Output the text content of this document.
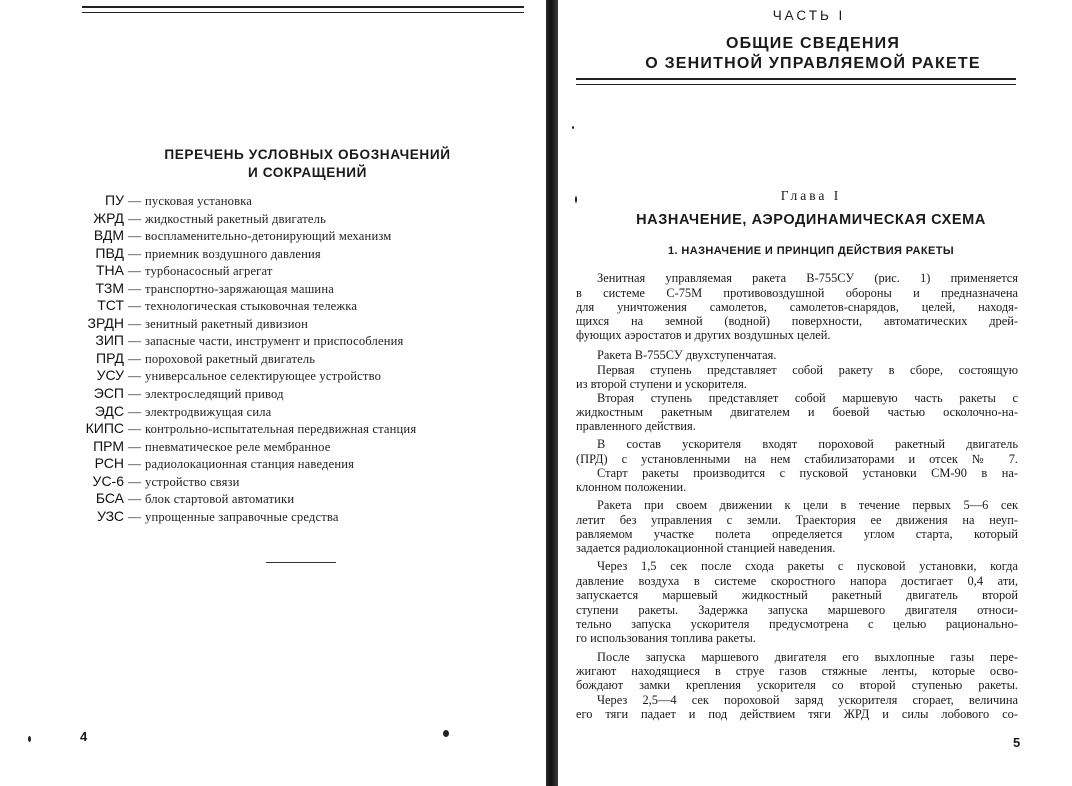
ПЕРЕЧЕНЬ УСЛОВНЫХ ОБОЗНАЧЕНИЙ
И СОКРАЩЕНИЙ
ПУ — пусковая установка
ЖРД — жидкостный ракетный двигатель
ВДМ — воспламенительно-детонирующий механизм
ПВД — приемник воздушного давления
ТНА — турбонасосный агрегат
ТЗМ — транспортно-заряжающая машина
ТСТ — технологическая стыковочная тележка
ЗРДН — зенитный ракетный дивизион
ЗИП — запасные части, инструмент и приспособления
ПРД — пороховой ракетный двигатель
УСУ — универсальное селектирующее устройство
ЭСП — электроследящий привод
ЭДС — электродвижущая сила
КИПС — контрольно-испытательная передвижная станция
ПРМ — пневматическое реле мембранное
РСН — радиолокационная станция наведения
УС-6 — устройство связи
БСА — блок стартовой автоматики
УЗС — упрощенные заправочные средства
4
ЧАСТЬ I
ОБЩИЕ СВЕДЕНИЯ
О ЗЕНИТНОЙ УПРАВЛЯЕМОЙ РАКЕТЕ
Глава I
НАЗНАЧЕНИЕ, АЭРОДИНАМИЧЕСКАЯ СХЕМА
1. НАЗНАЧЕНИЕ И ПРИНЦИП ДЕЙСТВИЯ РАКЕТЫ
Зенитная управляемая ракета В-755СУ (рис. 1) применяется
в системе С-75М противовоздушной обороны и предназначена
для уничтожения самолетов, самолетов-снарядов, целей, находя-
щихся на земной (водной) поверхности, автоматических дрей-
фующих аэростатов и других воздушных целей.
Ракета В-755СУ двухступенчатая.
Первая ступень представляет собой ракету в сборе, состоящую
из второй ступени и ускорителя.
Вторая ступень представляет собой маршевую часть ракеты с
жидкостным ракетным двигателем и боевой частью осколочно-на-
правленного действия.
В состав ускорителя входят пороховой ракетный двигатель
(ПРД) с установленными на нем стабилизаторами и отсек № 7.
Старт ракеты производится с пусковой установки СМ-90 в на-
клонном положении.
Ракета при своем движении к цели в течение первых 5—6 сек
летит без управления с земли. Траектория ее движения на неуп-
равляемом участке полета определяется углом старта, который
задается радиолокационной станцией наведения.
Через 1,5 сек после схода ракеты с пусковой установки, когда
давление воздуха в системе скоростного напора достигает 0,4 ати,
запускается маршевый жидкостный ракетный двигатель второй
ступени ракеты. Задержка запуска маршевого двигателя относи-
тельно запуска ускорителя предусмотрена с целью рационально-
го использования топлива ракеты.
После запуска маршевого двигателя его выхлопные газы пере-
жигают находящиеся в струе газов стяжные ленты, которые осво-
бождают замки крепления ускорителя со второй ступенью ракеты.
Через 2,5—4 сек пороховой заряд ускорителя сгорает, величина
его тяги падает и под действием тяги ЖРД и силы лобового со-
5
